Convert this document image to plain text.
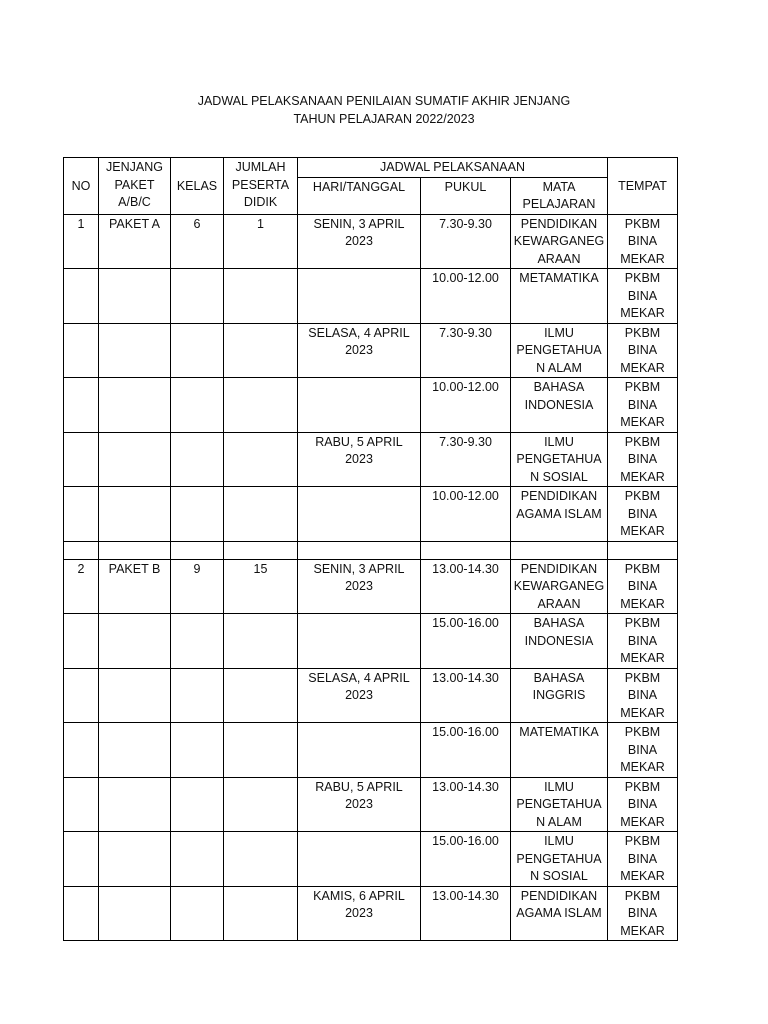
JADWAL PELAKSANAAN PENILAIAN SUMATIF AKHIR JENJANG
TAHUN PELAJARAN 2022/2023
NO	JENJANG
PAKET
A/B/C	KELAS	JUMLAH
PESERTA
DIDIK	JADWAL PELAKSANAAN			TEMPAT
				HARI/TANGGAL	PUKUL	MATA
PELAJARAN	

1	PAKET A	6	1	SENIN, 3 APRIL
2023	7.30-9.30	PENDIDIKAN
KEWARGANEG
ARAAN	PKBM
BINA
MEKAR

					10.00-12.00	METAMATIKA	PKBM
BINA
MEKAR

				SELASA, 4 APRIL
2023	7.30-9.30	ILMU
PENGETAHUA
N ALAM	PKBM
BINA
MEKAR

					10.00-12.00	BAHASA
INDONESIA	PKBM
BINA
MEKAR

				RABU, 5 APRIL
2023	7.30-9.30	ILMU
PENGETAHUA
N SOSIAL	PKBM
BINA
MEKAR

					10.00-12.00	PENDIDIKAN
AGAMA ISLAM	PKBM
BINA
MEKAR

2	PAKET B	9	15	SENIN, 3 APRIL
2023	13.00-14.30	PENDIDIKAN
KEWARGANEG
ARAAN	PKBM
BINA
MEKAR

					15.00-16.00	BAHASA
INDONESIA	PKBM
BINA
MEKAR

				SELASA, 4 APRIL
2023	13.00-14.30	BAHASA
INGGRIS	PKBM
BINA
MEKAR

					15.00-16.00	MATEMATIKA	PKBM
BINA
MEKAR

				RABU, 5 APRIL
2023	13.00-14.30	ILMU
PENGETAHUA
N ALAM	PKBM
BINA
MEKAR

					15.00-16.00	ILMU
PENGETAHUA
N SOSIAL	PKBM
BINA
MEKAR

				KAMIS, 6 APRIL
2023	13.00-14.30	PENDIDIKAN
AGAMA ISLAM	PKBM
BINA
MEKAR
